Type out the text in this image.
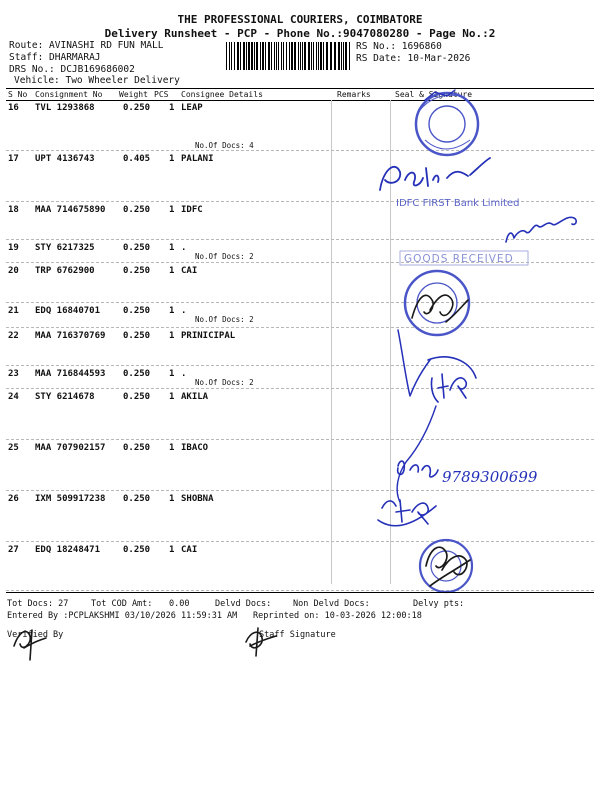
THE PROFESSIONAL COURIERS, COIMBATORE
Delivery Runsheet - PCP - Phone No.:9047080280 - Page No.:2
Route: AVINASHI RD FUN MALL
Staff: DHARMARAJ
DRS No.: DCJB169686002
Vehicle: Two Wheeler Delivery
RS No.: 1696860
RS Date: 10-Mar-2026
S No Consignment No Weight PCS Consignee Details	Remarks	Seal & Signature
16 TVL 1293868	0.250 1 LEAP
No.Of Docs: 4
17 UPT 4136743	0.405 1 PALANI
18 MAA 714675890 0.250 1 IDFC
19 STY 6217325	0.250 1 .
No.Of Docs: 2
20 TRP 6762900	0.250 1 CAI
21 EDQ 16840701	0.250 1 .
No.Of Docs: 2
22 MAA 716370769 0.250 1 PRINICIPAL
23 MAA 716844593 0.250 1 .
No.Of Docs: 2
24 STY 6214678	0.250 1 AKILA
25 MAA 707902157 0.250 1 IBACO
26 IXM 509917238 0.250 1 SHOBNA
27 EDQ 18248471	0.250 1 CAI
IDFC FIRST Bank Limited
GOODS RECEIVED
9789300699
Tot Docs: 27	Tot COD Amt: 0.00	Delvd Docs:	Non Delvd Docs:	Delvy pts:
Entered By :PCPLAKSHMI 03/10/2026 11:59:31 AM Reprinted on: 10-03-2026 12:00:18
Verified By	Staff Signature
